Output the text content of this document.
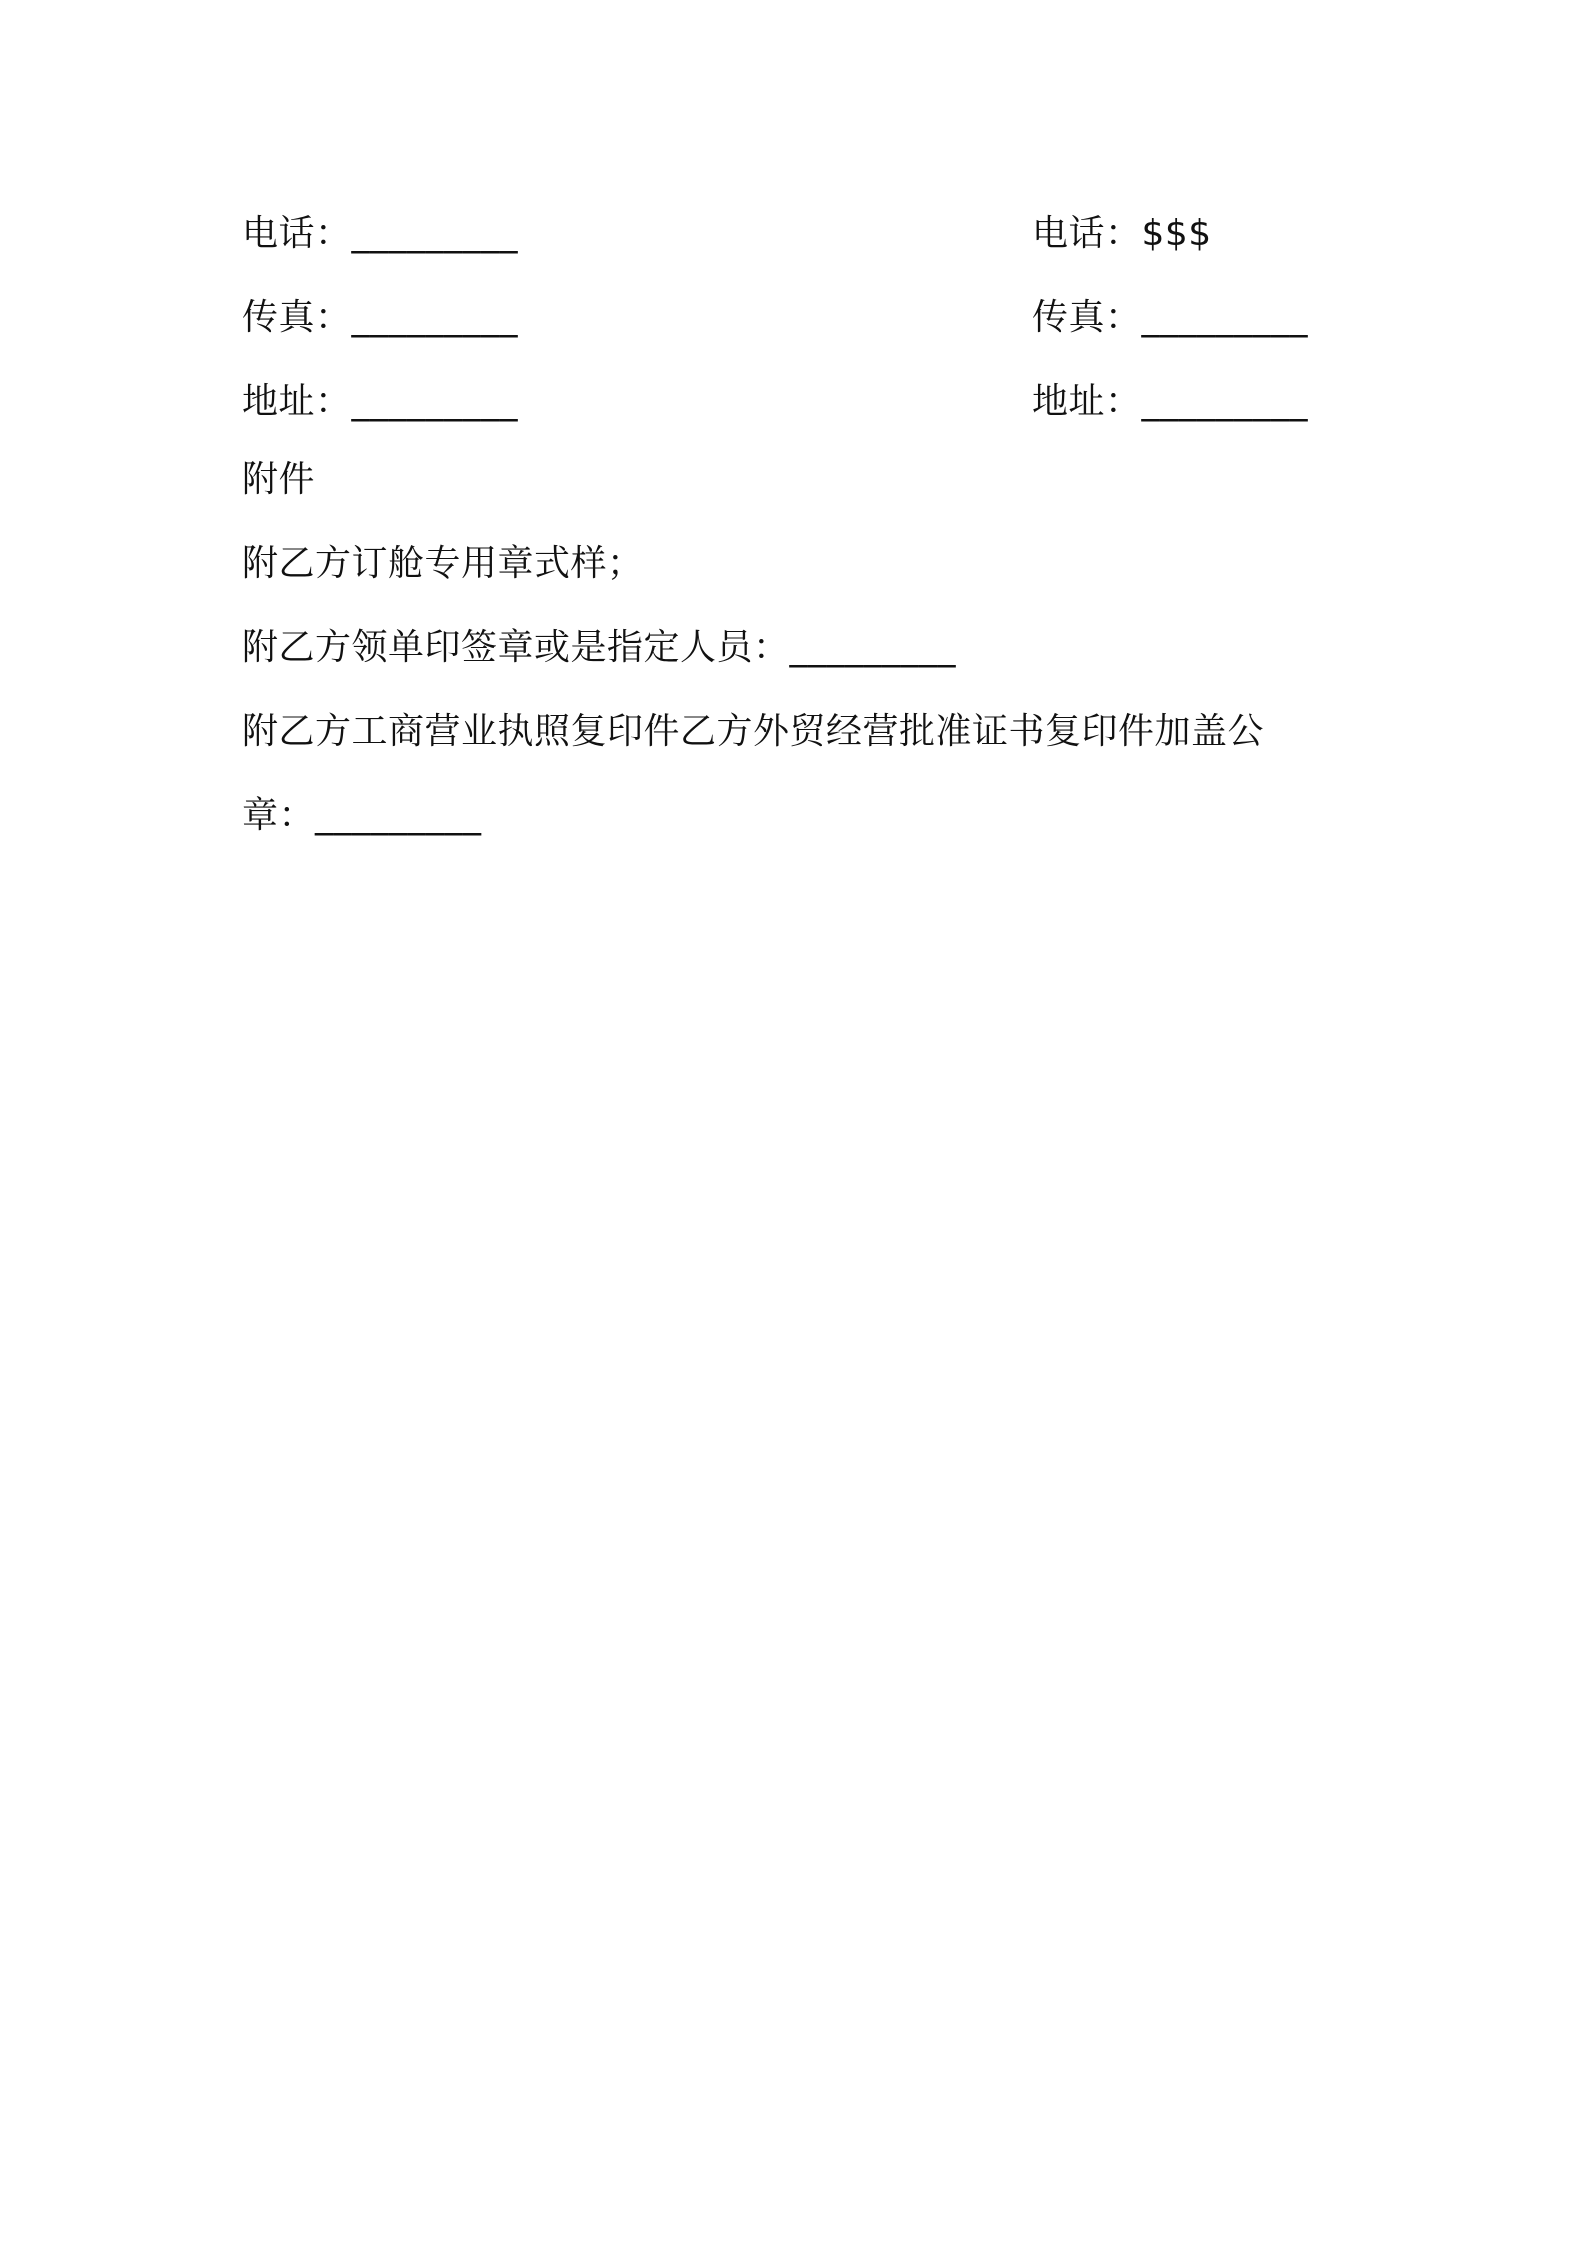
电话：_________	电话：$$$
传真：_________	传真：_________
地址：_________	地址：_________
附件
附乙方订舱专用章式样；
附乙方领单印签章或是指定人员：_________
附乙方工商营业执照复印件乙方外贸经营批准证书复印件加盖公
章：_________
